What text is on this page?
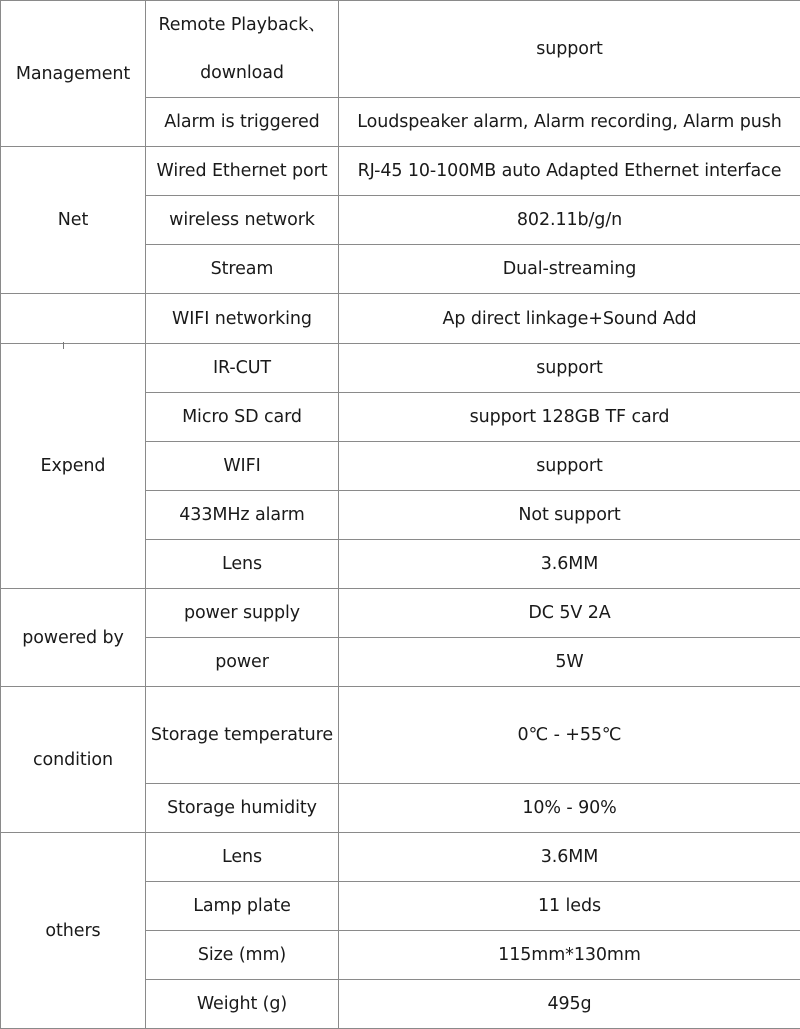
Management	Remote Playback、download	support
	Alarm is triggered	Loudspeaker alarm, Alarm recording, Alarm push
Net	Wired Ethernet port	RJ-45 10-100MB auto Adapted Ethernet interface
	wireless network	802.11b/g/n
	Stream	Dual-streaming
	WIFI networking	Ap direct linkage+Sound Add
Expend	IR-CUT	support
	Micro SD card	support 128GB TF card
	WIFI	support
	433MHz alarm	Not support
	Lens	3.6MM
powered by	power supply	DC 5V 2A
	power	5W
condition	Storage temperature	0℃ - +55℃
	Storage humidity	10% - 90%
others	Lens	3.6MM
	Lamp plate	11 leds
	Size (mm)	115mm*130mm
	Weight (g)	495g
